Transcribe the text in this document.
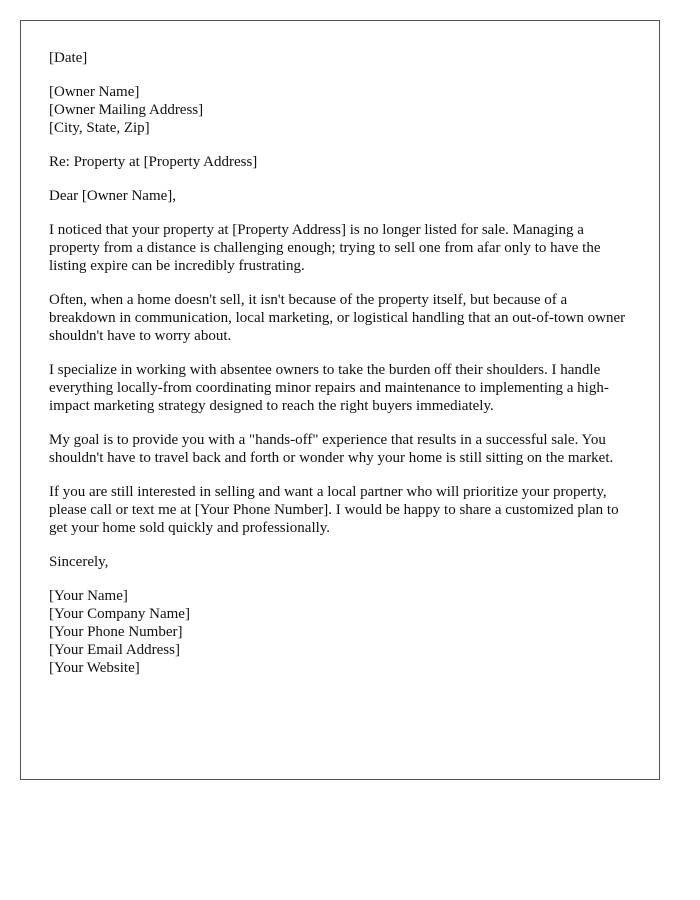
[Date]
[Owner Name]
[Owner Mailing Address]
[City, State, Zip]
Re: Property at [Property Address]
Dear [Owner Name],

I noticed that your property at [Property Address] is no longer listed for sale. Managing a property from a distance is challenging enough; trying to sell one from afar only to have the listing expire can be incredibly frustrating.

Often, when a home doesn't sell, it isn't because of the property itself, but because of a breakdown in communication, local marketing, or logistical handling that an out-of-town owner shouldn't have to worry about.

I specialize in working with absentee owners to take the burden off their shoulders. I handle everything locally-from coordinating minor repairs and maintenance to implementing a high-impact marketing strategy designed to reach the right buyers immediately.

My goal is to provide you with a "hands-off" experience that results in a successful sale. You shouldn't have to travel back and forth or wonder why your home is still sitting on the market.

If you are still interested in selling and want a local partner who will prioritize your property, please call or text me at [Your Phone Number]. I would be happy to share a customized plan to get your home sold quickly and professionally.

Sincerely,
[Your Name]
[Your Company Name]
[Your Phone Number]
[Your Email Address]
[Your Website]
